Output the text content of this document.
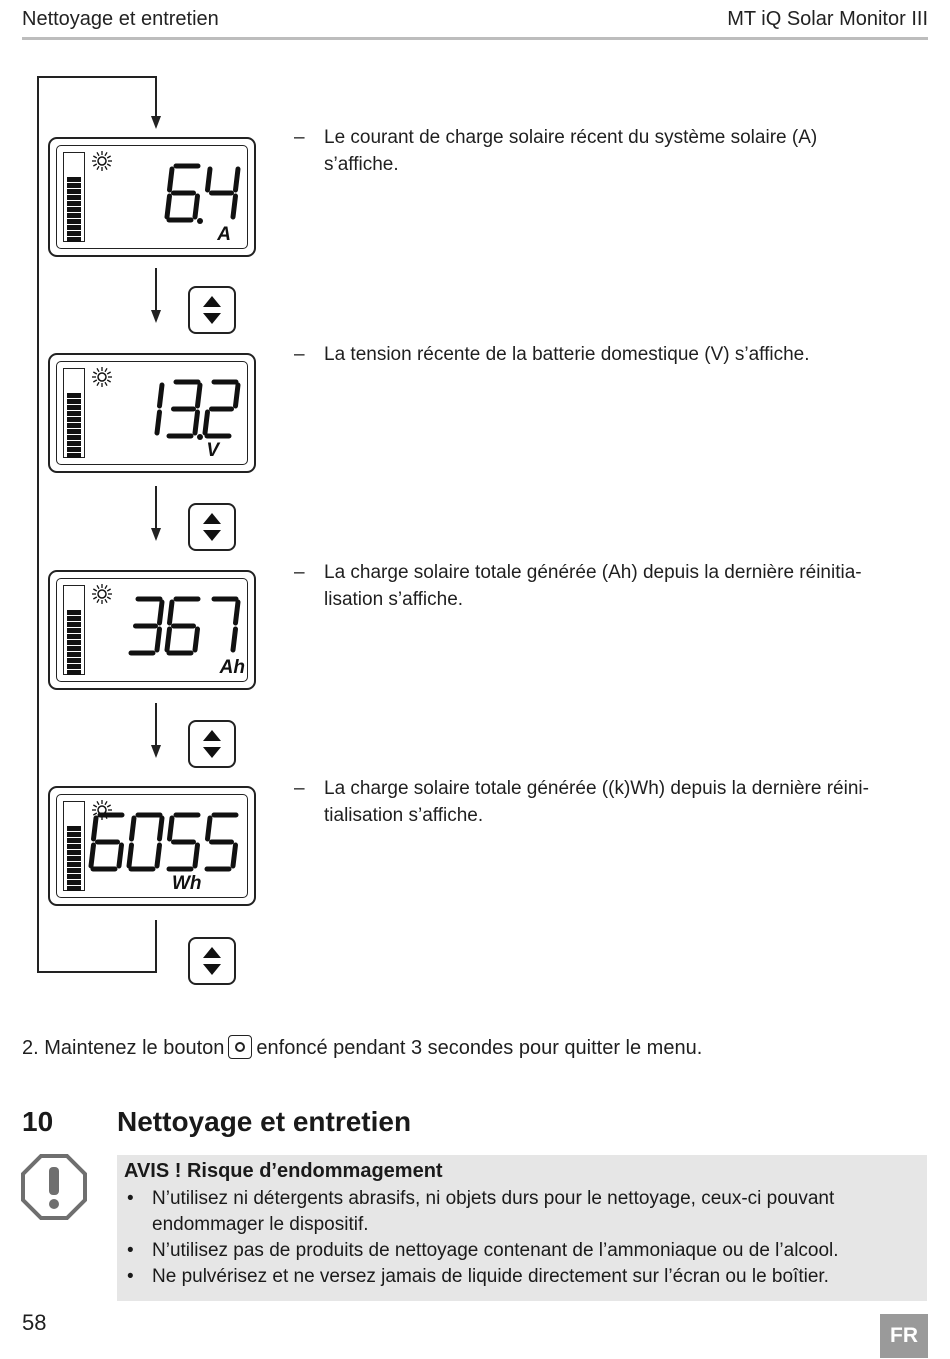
Nettoyage et entretien	MT iQ Solar Monitor III
A
V
Ah
Wh
–	Le courant de charge solaire récent du système solaire (A)
s’affiche.
–	La tension récente de la batterie domestique (V) s’affiche.
–	La charge solaire totale générée (Ah) depuis la dernière réinitia-
lisation s’affiche.
–	La charge solaire totale générée ((k)Wh) depuis la dernière réini-
tialisation s’affiche.
2. Maintenez le bouton enfoncé pendant 3 secondes pour quitter le menu.
10 Nettoyage et entretien
AVIS ! Risque d’endommagement
• N’utilisez ni détergents abrasifs, ni objets durs pour le nettoyage, ceux-ci pouvant
endommager le dispositif.
• N’utilisez pas de produits de nettoyage contenant de l’ammoniaque ou de l’alcool.
• Ne pulvérisez et ne versez jamais de liquide directement sur l’écran ou le boîtier.
58
FR
